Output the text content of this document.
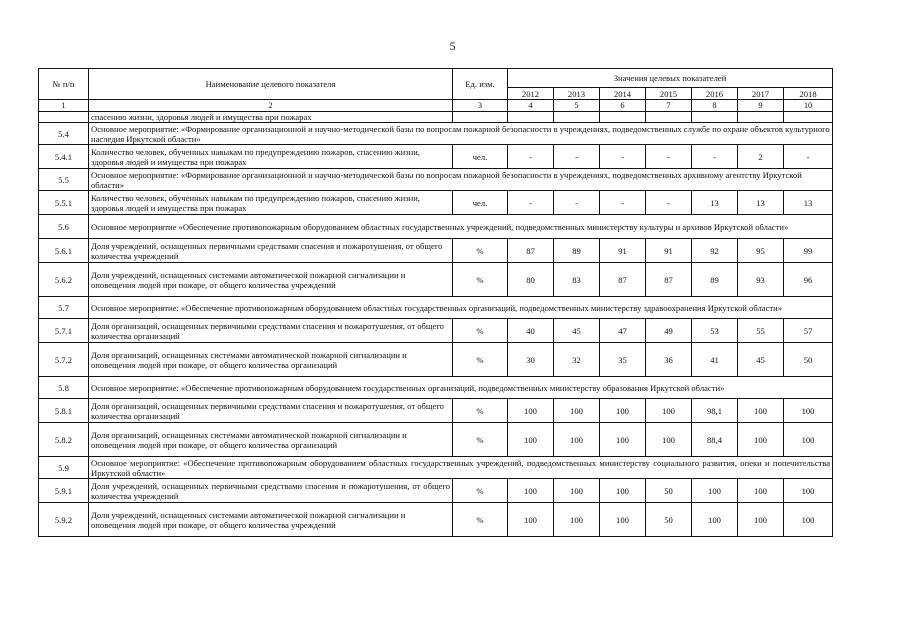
5
№ п/п	Наименование целевого показателя	Ед. изм.	Значения целевых показателей						
			2012	2013	2014	2015	2016	2017	2018
1	2	3	4	5	6	7	8	9	10
	спасению жизни, здоровья людей и имущества при пожарах								
5.4	Основное мероприятие: «Формирование организационной и научно-методической базы по вопросам пожарной безопасности в учреждениях, подведомственных службе по охране объектов культурного наследия Иркутской области»								
5.4.1	Количество человек, обученных навыкам по предупреждению пожаров, спасению жизни, здоровья людей и имущества при пожарах	чел.	-	-	-	-	-	2	-
5.5	Основное мероприятие: «Формирование организационной и научно-методической базы по вопросам пожарной безопасности в учреждениях, подведомственных архивному агентству Иркутской области»								
5.5.1	Количество человек, обученных навыкам по предупреждению пожаров, спасению жизни, здоровья людей и имущества при пожарах	чел.	-	-	-	-	13	13	13
5.6	Основное мероприятие «Обеспечение противопожарным оборудованием областных государственных учреждений, подведомственных министерству культуры и архивов Иркутской области»								
5.6.1	Доля учреждений, оснащенных первичными средствами спасения и пожаротушения, от общего количества учреждений	%	87	89	91	91	92	95	99
5.6.2	Доля учреждений, оснащенных системами автоматической пожарной сигнализации и оповещения людей при пожаре, от общего количества учреждений	%	80	83	87	87	89	93	96
5.7	Основное мероприятие: «Обеспечение противопожарным оборудованием областных государственных организаций, подведомственных министерству здравоохранения Иркутской области»								
5.7.1	Доля организаций, оснащенных первичными средствами спасения и пожаротушения, от общего количества организаций	%	40	45	47	49	53	55	57
5.7.2	Доля организаций, оснащенных системами автоматической пожарной сигнализации и оповещения людей при пожаре, от общего количества организаций	%	30	32	35	36	41	45	50
5.8	Основное мероприятие: «Обеспечение противопожарным оборудованием государственных организаций, подведомственных министерству образования Иркутской области»								
5.8.1	Доля организаций, оснащенных первичными средствами спасения и пожаротушения, от общего количества организаций	%	100	100	100	100	98,1	100	100
5.8.2	Доля организаций, оснащенных системами автоматической пожарной сигнализации и оповещения людей при пожаре, от общего количества организаций	%	100	100	100	100	88,4	100	100
5.9	Основное мероприятие: «Обеспечение противопожарным оборудованием областных государственных учреждений, подведомственных министерству социального развития, опеки и попечительства Иркутской области»								
5.9.1	Доля учреждений, оснащенных первичными средствами спасения и пожаротушения, от общего количества учреждений	%	100	100	100	50	100	100	100
5.9.2	Доля учреждений, оснащенных системами автоматической пожарной сигнализации и оповещения людей при пожаре, от общего количества учреждений	%	100	100	100	50	100	100	100
